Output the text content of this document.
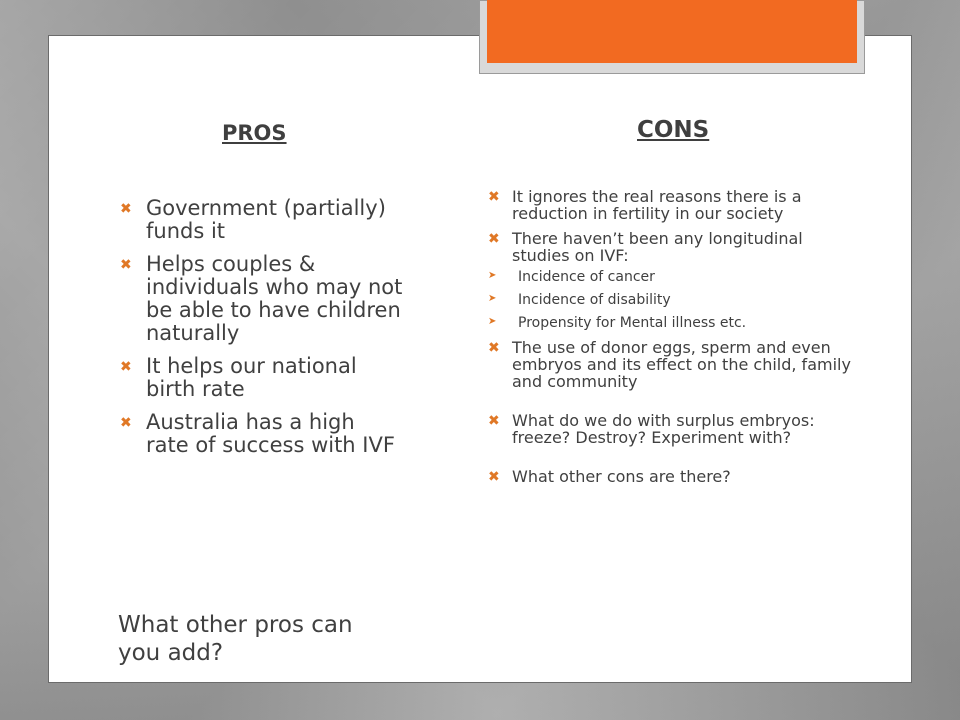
PROS
✖ Government (partially) funds it
✖ Helps couples & individuals who may not be able to have children naturally
✖ It helps our national birth rate
✖ Australia has a high rate of success with IVF

What other pros can you add?

CONS
✖ It ignores the real reasons there is a reduction in fertility in our society
✖ There haven’t been any longitudinal studies on IVF:
➤ Incidence of cancer
➤ Incidence of disability
➤ Propensity for Mental illness etc.
✖ The use of donor eggs, sperm and even embryos and its effect on the child, family and community
✖ What do we do with surplus embryos: freeze? Destroy? Experiment with?
✖ What other cons are there?
